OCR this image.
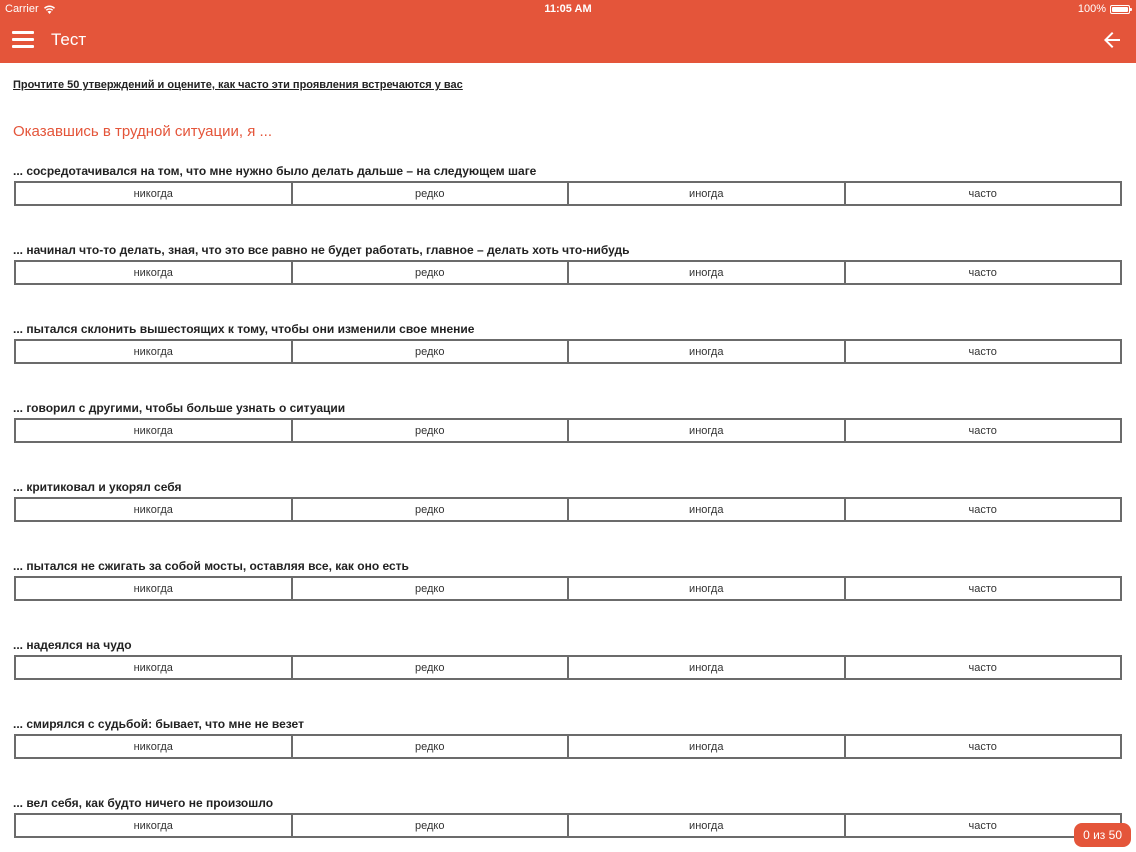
Carrier	11:05 AM	100%
Тест
Прочтите 50 утверждений и оцените, как часто эти проявления встречаются у вас
Оказавшись в трудной ситуации, я ...
... сосредотачивался на том, что мне нужно было делать дальше – на следующем шаге
никогда	редко	иногда	часто
... начинал что-то делать, зная, что это все равно не будет работать, главное – делать хоть что-нибудь
никогда	редко	иногда	часто
... пытался склонить вышестоящих к тому, чтобы они изменили свое мнение
никогда	редко	иногда	часто
... говорил с другими, чтобы больше узнать о ситуации
никогда	редко	иногда	часто
... критиковал и укорял себя
никогда	редко	иногда	часто
... пытался не сжигать за собой мосты, оставляя все, как оно есть
никогда	редко	иногда	часто
... надеялся на чудо
никогда	редко	иногда	часто
... смирялся с судьбой: бывает, что мне не везет
никогда	редко	иногда	часто
... вел себя, как будто ничего не произошло
никогда	редко	иногда	часто
0 из 50
